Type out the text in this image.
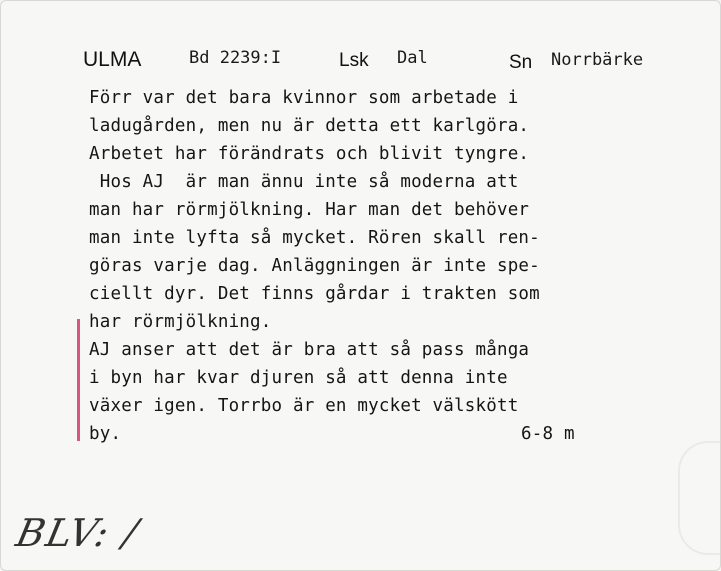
ULMA	Bd 2239:I	Lsk Dal	Sn Norrbärke
Förr var det bara kvinnor som arbetade i
ladugården, men nu är detta ett karlgöra.
Arbetet har förändrats och blivit tyngre.
Hos AJ  är man ännu inte så moderna att
man har rörmjölkning. Har man det behöver
man inte lyfta så mycket. Rören skall ren-
göras varje dag. Anläggningen är inte spe-
ciellt dyr. Det finns gårdar i trakten som
har rörmjölkning.
AJ anser att det är bra att så pass många
i byn har kvar djuren så att denna inte
växer igen. Torrbo är en mycket välskött
by.	6-8 m
BLV: /
